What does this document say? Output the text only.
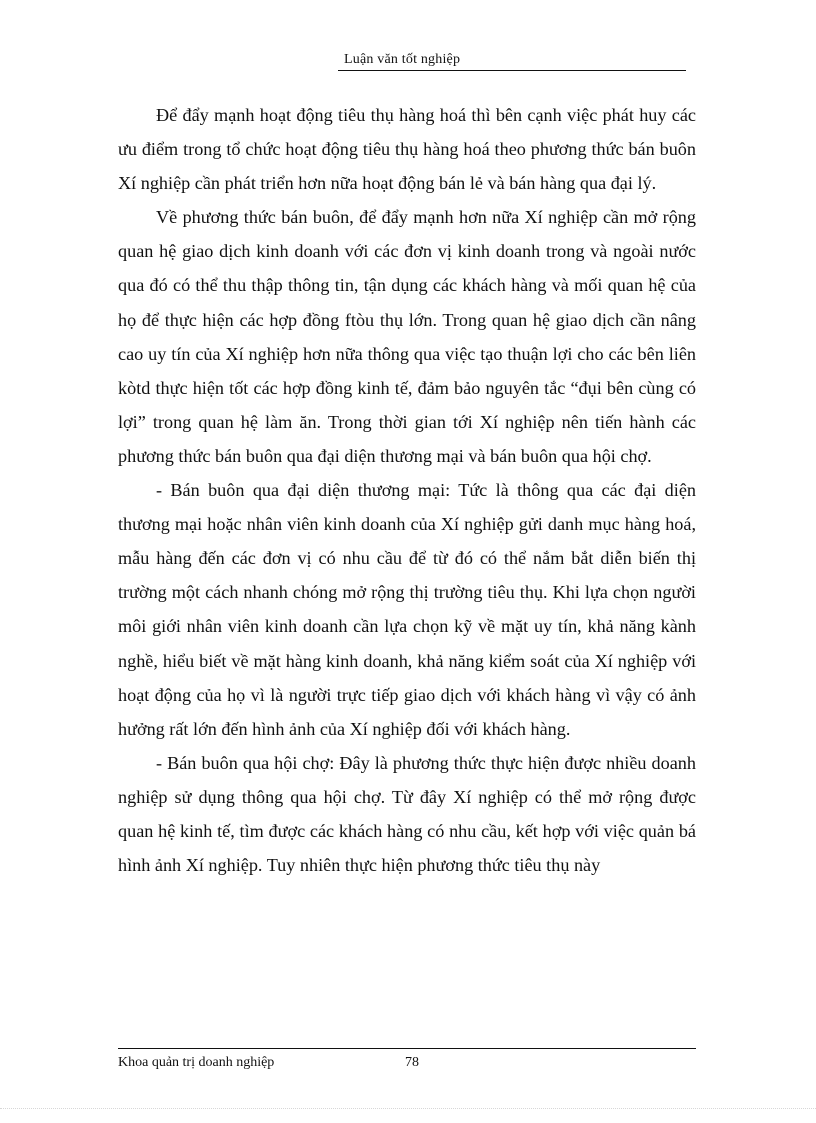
Luận văn tốt nghiệp

Để đẩy mạnh hoạt động tiêu thụ hàng hoá thì bên cạnh việc phát huy các ưu điểm trong tổ chức hoạt động tiêu thụ hàng hoá theo phương thức bán buôn Xí nghiệp cần phát triển hơn nữa hoạt động bán lẻ và bán hàng qua đại lý.

Về phương thức bán buôn, để đẩy mạnh hơn nữa Xí nghiệp cần mở rộng quan hệ giao dịch kinh doanh với các đơn vị kinh doanh trong và ngoài nước qua đó có thể thu thập thông tin, tận dụng các khách hàng và mối quan hệ của họ để thực hiện các hợp đồng ftòu thụ lớn. Trong quan hệ giao dịch cần nâng cao uy tín của Xí nghiệp hơn nữa thông qua việc tạo thuận lợi cho các bên liên kòtd thực hiện tốt các hợp đồng kinh tế, đảm bảo nguyên tắc “đụi bên cùng có lợi” trong quan hệ làm ăn. Trong thời gian tới Xí nghiệp nên tiến hành các phương thức bán buôn qua đại diện thương mại và bán buôn qua hội chợ.

- Bán buôn qua đại diện thương mại: Tức là thông qua các đại diện thương mại hoặc nhân viên kinh doanh của Xí nghiệp gửi danh mục hàng hoá, mẫu hàng đến các đơn vị có nhu cầu để từ đó có thể nắm bắt diễn biến thị trường một cách nhanh chóng mở rộng thị trường tiêu thụ. Khi lựa chọn người môi giới nhân viên kinh doanh cần lựa chọn kỹ về mặt uy tín, khả năng kành nghề, hiểu biết về mặt hàng kinh doanh, khả năng kiểm soát của Xí nghiệp với hoạt động của họ vì là người trực tiếp giao dịch với khách hàng vì vậy có ảnh hưởng rất lớn đến hình ảnh của Xí nghiệp đối với khách hàng.

- Bán buôn qua hội chợ: Đây là phương thức thực hiện được nhiều doanh nghiệp sử dụng thông qua hội chợ. Từ đây Xí nghiệp có thể mở rộng được quan hệ kinh tế, tìm được các khách hàng có nhu cầu, kết hợp với việc quản bá hình ảnh Xí nghiệp. Tuy nhiên thực hiện phương thức tiêu thụ này

Khoa quản trị doanh nghiệp	78
